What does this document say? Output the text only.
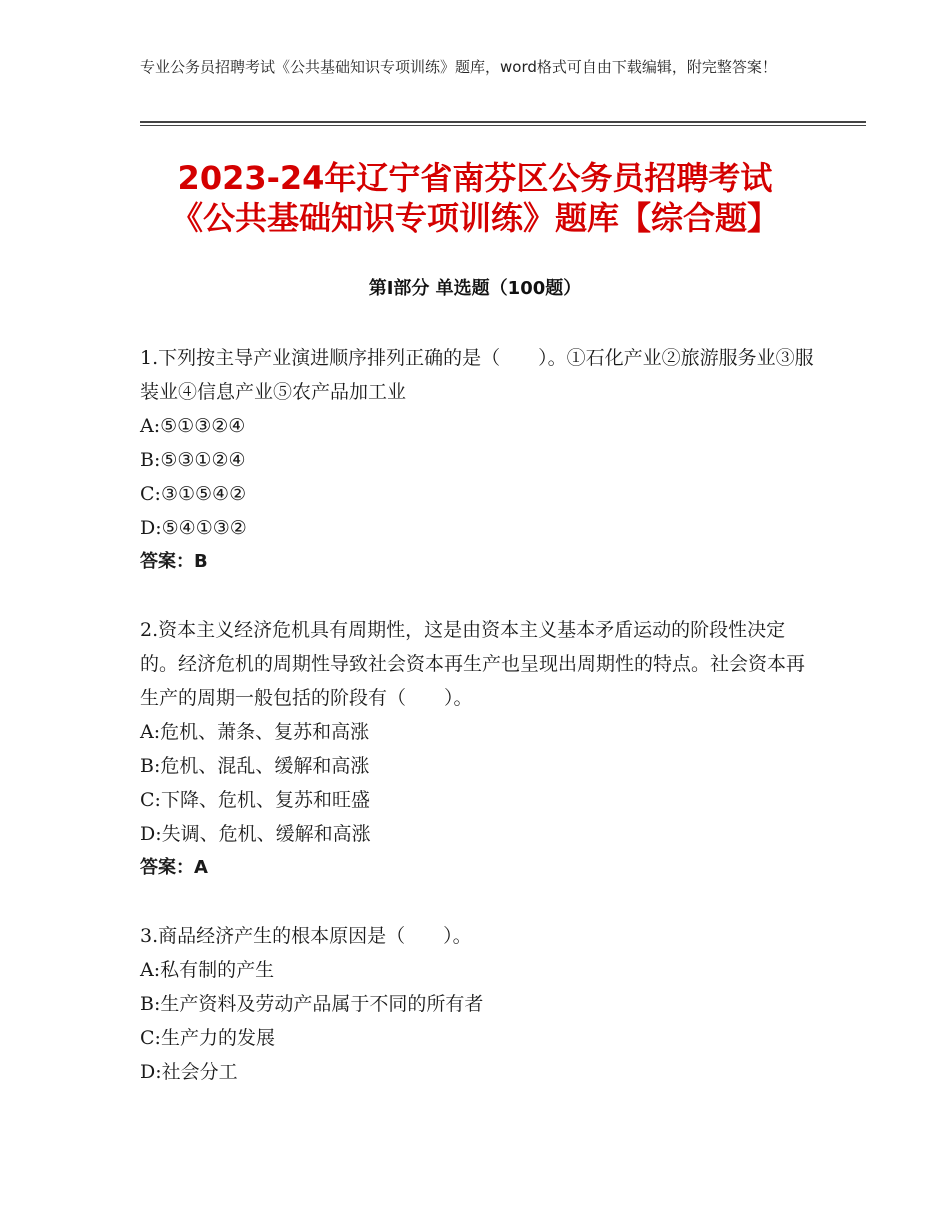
专业公务员招聘考试《公共基础知识专项训练》题库，word格式可自由下载编辑，附完整答案！
2023-24年辽宁省南芬区公务员招聘考试
《公共基础知识专项训练》题库【综合题】
第I部分 单选题（100题）

1.下列按主导产业演进顺序排列正确的是（　　）。①石化产业②旅游服务业③服装业④信息产业⑤农产品加工业

A:⑤①③②④

B:⑤③①②④

C:③①⑤④②

D:⑤④①③②

答案：B

2.资本主义经济危机具有周期性，这是由资本主义基本矛盾运动的阶段性决定的。经济危机的周期性导致社会资本再生产也呈现出周期性的特点。社会资本再生产的周期一般包括的阶段有（　　）。

A:危机、萧条、复苏和高涨

B:危机、混乱、缓解和高涨

C:下降、危机、复苏和旺盛

D:失调、危机、缓解和高涨

答案：A

3.商品经济产生的根本原因是（　　）。

A:私有制的产生

B:生产资料及劳动产品属于不同的所有者

C:生产力的发展

D:社会分工
